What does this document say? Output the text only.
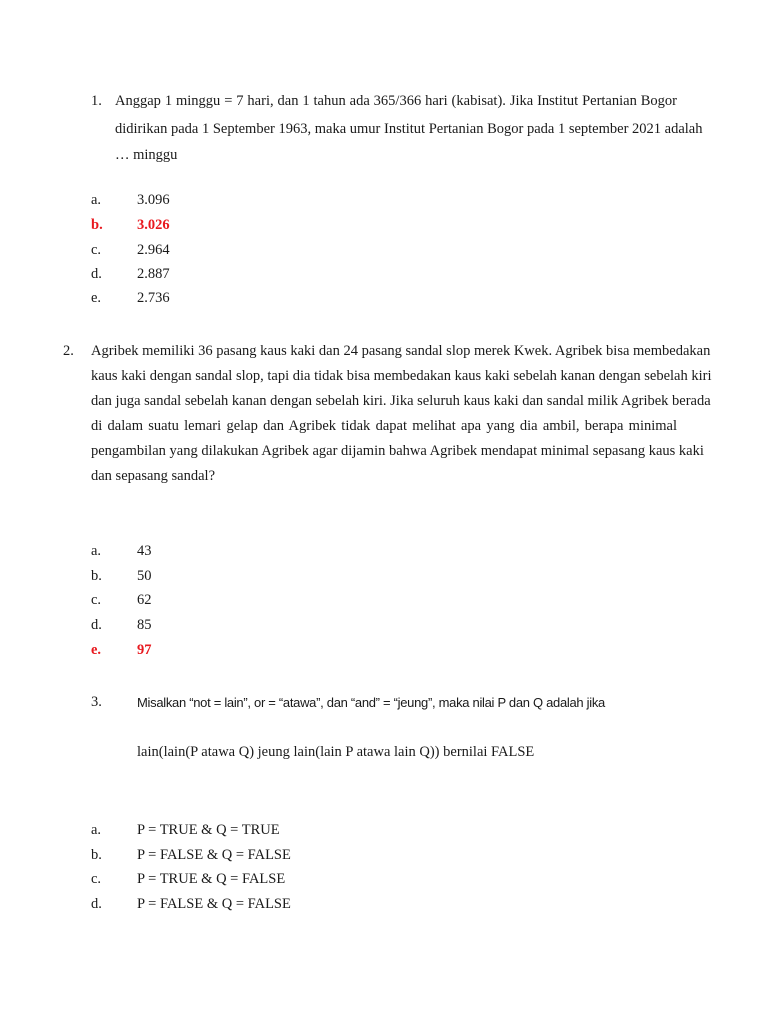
1. Anggap 1 minggu = 7 hari, dan 1 tahun ada 365/366 hari (kabisat). Jika Institut Pertanian Bogor
didirikan pada 1 September 1963, maka umur Institut Pertanian Bogor pada 1 september 2021 adalah
… minggu
a. 3.096
b. 3.026
c. 2.964
d. 2.887
e. 2.736
2. Agribek memiliki 36 pasang kaus kaki dan 24 pasang sandal slop merek Kwek. Agribek bisa membedakan
kaus kaki dengan sandal slop, tapi dia tidak bisa membedakan kaus kaki sebelah kanan dengan sebelah kiri
dan juga sandal sebelah kanan dengan sebelah kiri. Jika seluruh kaus kaki dan sandal milik Agribek berada
di dalam suatu lemari gelap dan Agribek tidak dapat melihat apa yang dia ambil, berapa minimal
pengambilan yang dilakukan Agribek agar dijamin bahwa Agribek mendapat minimal sepasang kaus kaki
dan sepasang sandal?
a. 43
b. 50
c. 62
d. 85
e. 97
3.	Misalkan “not = lain”, or = “atawa”, dan “and” = “jeung”, maka nilai P dan Q adalah jika
lain(lain(P atawa Q) jeung lain(lain P atawa lain Q)) bernilai FALSE
a. P = TRUE & Q = TRUE
b. P = FALSE & Q = FALSE
c. P = TRUE & Q = FALSE
d. P = FALSE & Q = FALSE
